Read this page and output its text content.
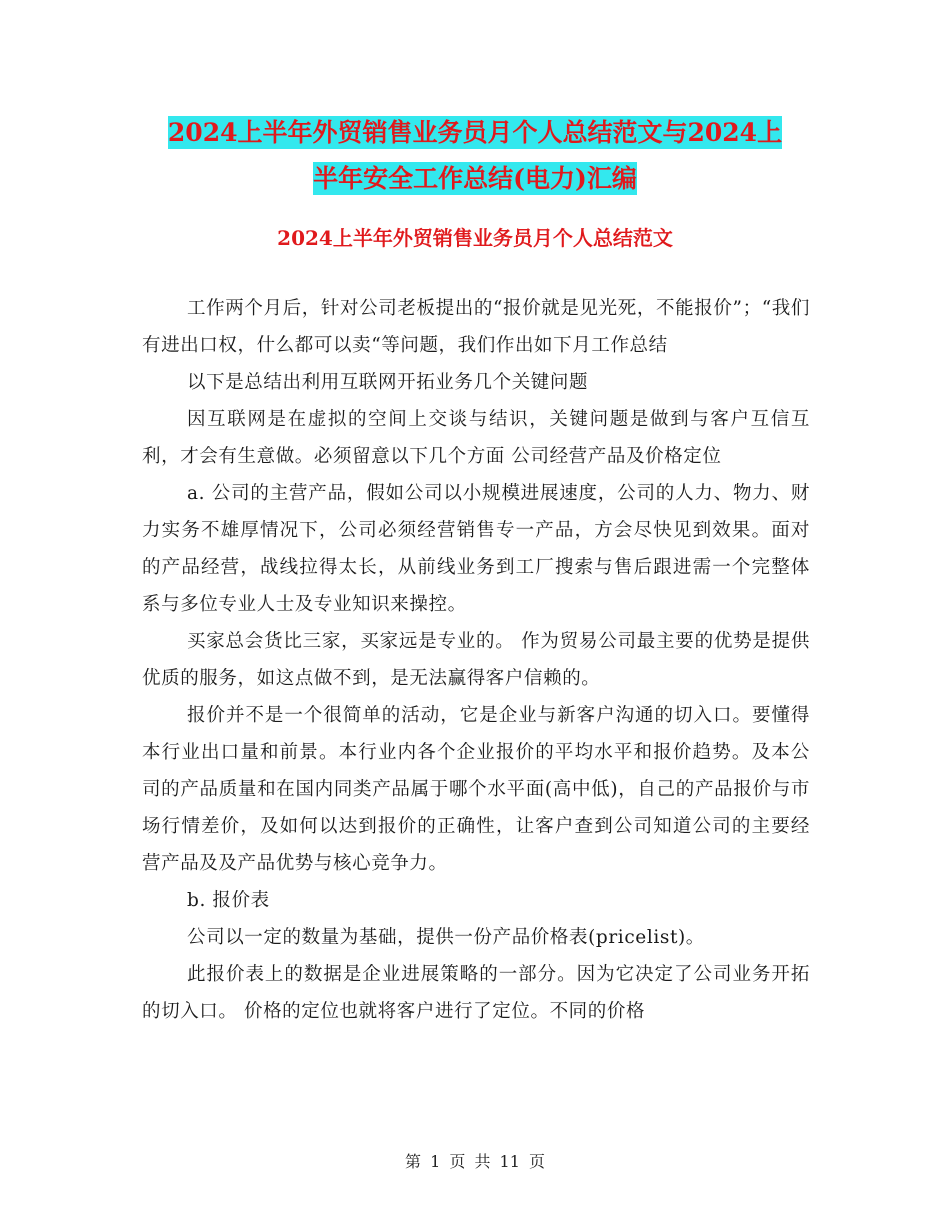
2024上半年外贸销售业务员月个人总结范文与2024上
半年安全工作总结(电力)汇编
2024上半年外贸销售业务员月个人总结范文

工作两个月后，针对公司老板提出的“报价就是见光死，不能报价”；“我们有进出口权，什么都可以卖“等问题，我们作出如下月工作总结

以下是总结出利用互联网开拓业务几个关键问题

因互联网是在虚拟的空间上交谈与结识，关键问题是做到与客户互信互利，才会有生意做。必须留意以下几个方面 公司经营产品及价格定位

a. 公司的主营产品，假如公司以小规模进展速度，公司的人力、物力、财力实务不雄厚情况下，公司必须经营销售专一产品，方会尽快见到效果。面对的产品经营，战线拉得太长，从前线业务到工厂搜索与售后跟进需一个完整体系与多位专业人士及专业知识来操控。

买家总会货比三家，买家远是专业的。 作为贸易公司最主要的优势是提供优质的服务，如这点做不到，是无法赢得客户信赖的。

报价并不是一个很简单的活动，它是企业与新客户沟通的切入口。要懂得本行业出口量和前景。本行业内各个企业报价的平均水平和报价趋势。及本公司的产品质量和在国内同类产品属于哪个水平面(高中低)，自己的产品报价与市场行情差价，及如何以达到报价的正确性，让客户查到公司知道公司的主要经营产品及及产品优势与核心竞争力。

b. 报价表

公司以一定的数量为基础，提供一份产品价格表(pricelist)。

此报价表上的数据是企业进展策略的一部分。因为它决定了公司业务开拓的切入口。 价格的定位也就将客户进行了定位。不同的价格

第 1 页 共 11 页
